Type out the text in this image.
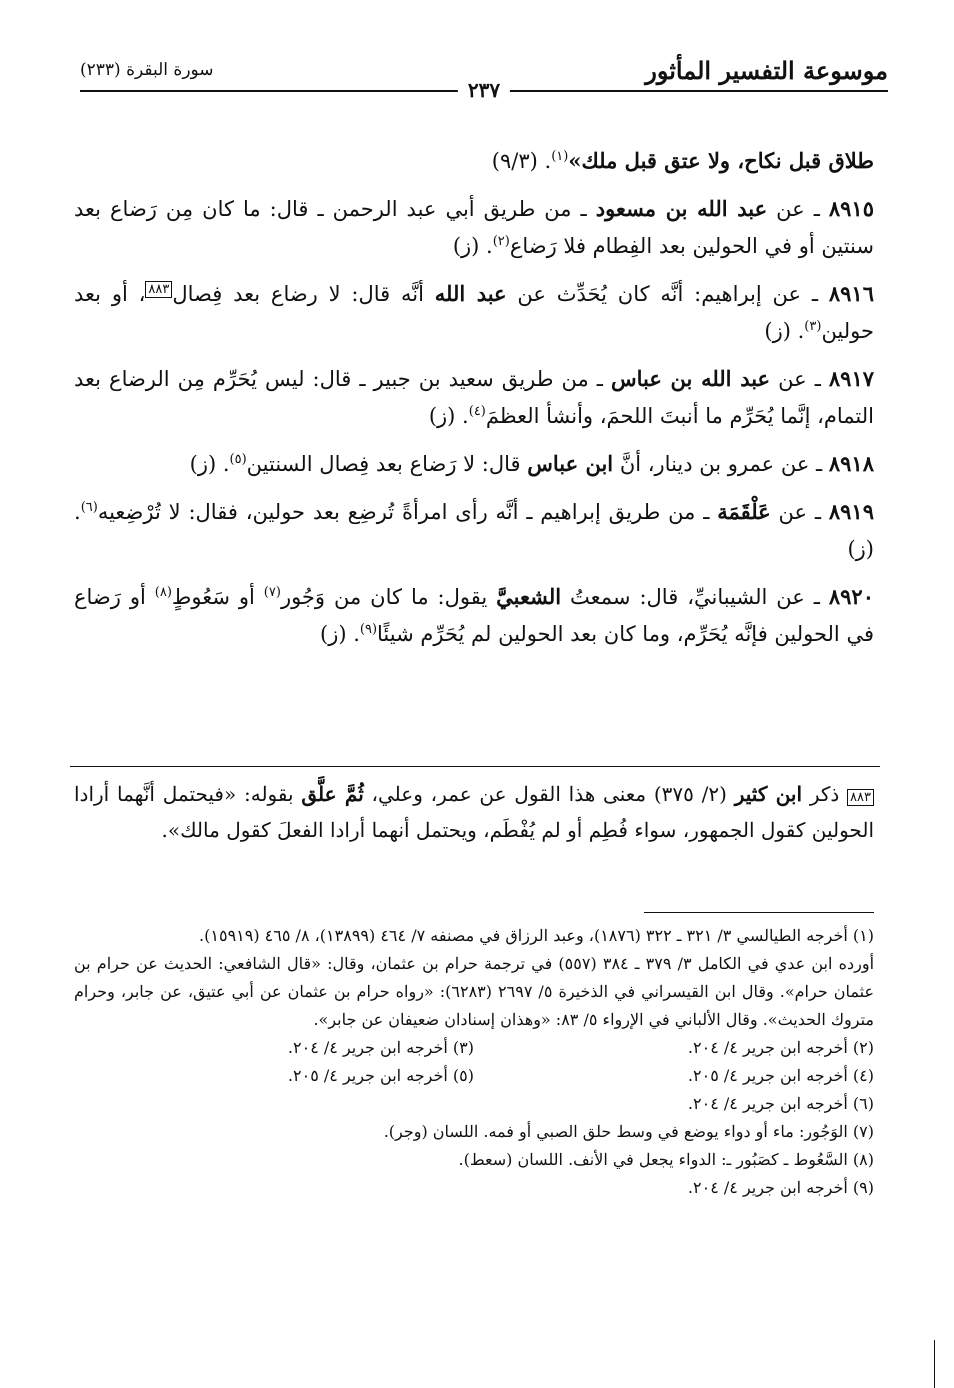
موسوعة التفسير المأثور
سورة البقرة (٢٣٣)
٢٣٧

طلاق قبل نكاح، ولا عتق قبل ملك»$^{(١)}$. (٩/٣)

٨٩١٥ ـ عن عبد الله بن مسعود ـ من طريق أبي عبد الرحمن ـ قال: ما كان مِن رَضاع بعد سنتين أو في الحولين بعد الفِطام فلا رَضاع$^{(٢)}$. (ز)

٨٩١٦ ـ عن إبراهيم: أنَّه كان يُحَدِّث عن عبد الله أنَّه قال: لا رضاع بعد فِصال$^{٨٨٣}$، أو بعد حولين$^{(٣)}$. (ز)

٨٩١٧ ـ عن عبد الله بن عباس ـ من طريق سعيد بن جبير ـ قال: ليس يُحَرِّم مِن الرضاع بعد التمام، إنَّما يُحَرِّم ما أنبتَ اللحمَ، وأنشأ العظمَ$^{(٤)}$. (ز)

٨٩١٨ ـ عن عمرو بن دينار، أنَّ ابن عباس قال: لا رَضاع بعد فِصال السنتين$^{(٥)}$. (ز)

٨٩١٩ ـ عن عَلْقَمَة ـ من طريق إبراهيم ـ أنَّه رأى امرأةً تُرضِع بعد حولين، فقال: لا تُرْضِعيه$^{(٦)}$. (ز)

٨٩٢٠ ـ عن الشيبانيِّ، قال: سمعتُ الشعبيَّ يقول: ما كان من وَجُور$^{(٧)}$ أو سَعُوطٍ$^{(٨)}$ أو رَضاع في الحولين فإنَّه يُحَرِّم، وما كان بعد الحولين لم يُحَرِّم شيئًا$^{(٩)}$. (ز)

٨٨٣ ذكر ابن كثير (٢/ ٣٧٥) معنى هذا القول عن عمر، وعلي، ثُمَّ علَّق بقوله: «فيحتمل أنَّهما أرادا الحولين كقول الجمهور، سواء فُطِم أو لم يُفْطَم، ويحتمل أنهما أرادا الفعلَ كقول مالك».

(١) أخرجه الطيالسي ٣/ ٣٢١ ـ ٣٢٢ (١٨٧٦)، وعبد الرزاق في مصنفه ٧/ ٤٦٤ (١٣٨٩٩)، ٨/ ٤٦٥ (١٥٩١٩).

أورده ابن عدي في الكامل ٣/ ٣٧٩ ـ ٣٨٤ (٥٥٧) في ترجمة حرام بن عثمان، وقال: «قال الشافعي: الحديث عن حرام بن عثمان حرام». وقال ابن القيسراني في الذخيرة ٥/ ٢٦٩٧ (٦٢٨٣): «رواه حرام بن عثمان عن أبي عتيق، عن جابر، وحرام متروك الحديث». وقال الألباني في الإرواء ٥/ ٨٣: «وهذان إسنادان ضعيفان عن جابر».

(٢) أخرجه ابن جرير ٤/ ٢٠٤.
(٣) أخرجه ابن جرير ٤/ ٢٠٤.
(٤) أخرجه ابن جرير ٤/ ٢٠٥.
(٥) أخرجه ابن جرير ٤/ ٢٠٥.

(٦) أخرجه ابن جرير ٤/ ٢٠٤.

(٧) الوَجُور: ماء أو دواء يوضع في وسط حلق الصبي أو فمه. اللسان (وجر).

(٨) السَّعُوط ـ كصَبُور ـ: الدواء يجعل في الأنف. اللسان (سعط).

(٩) أخرجه ابن جرير ٤/ ٢٠٤.
